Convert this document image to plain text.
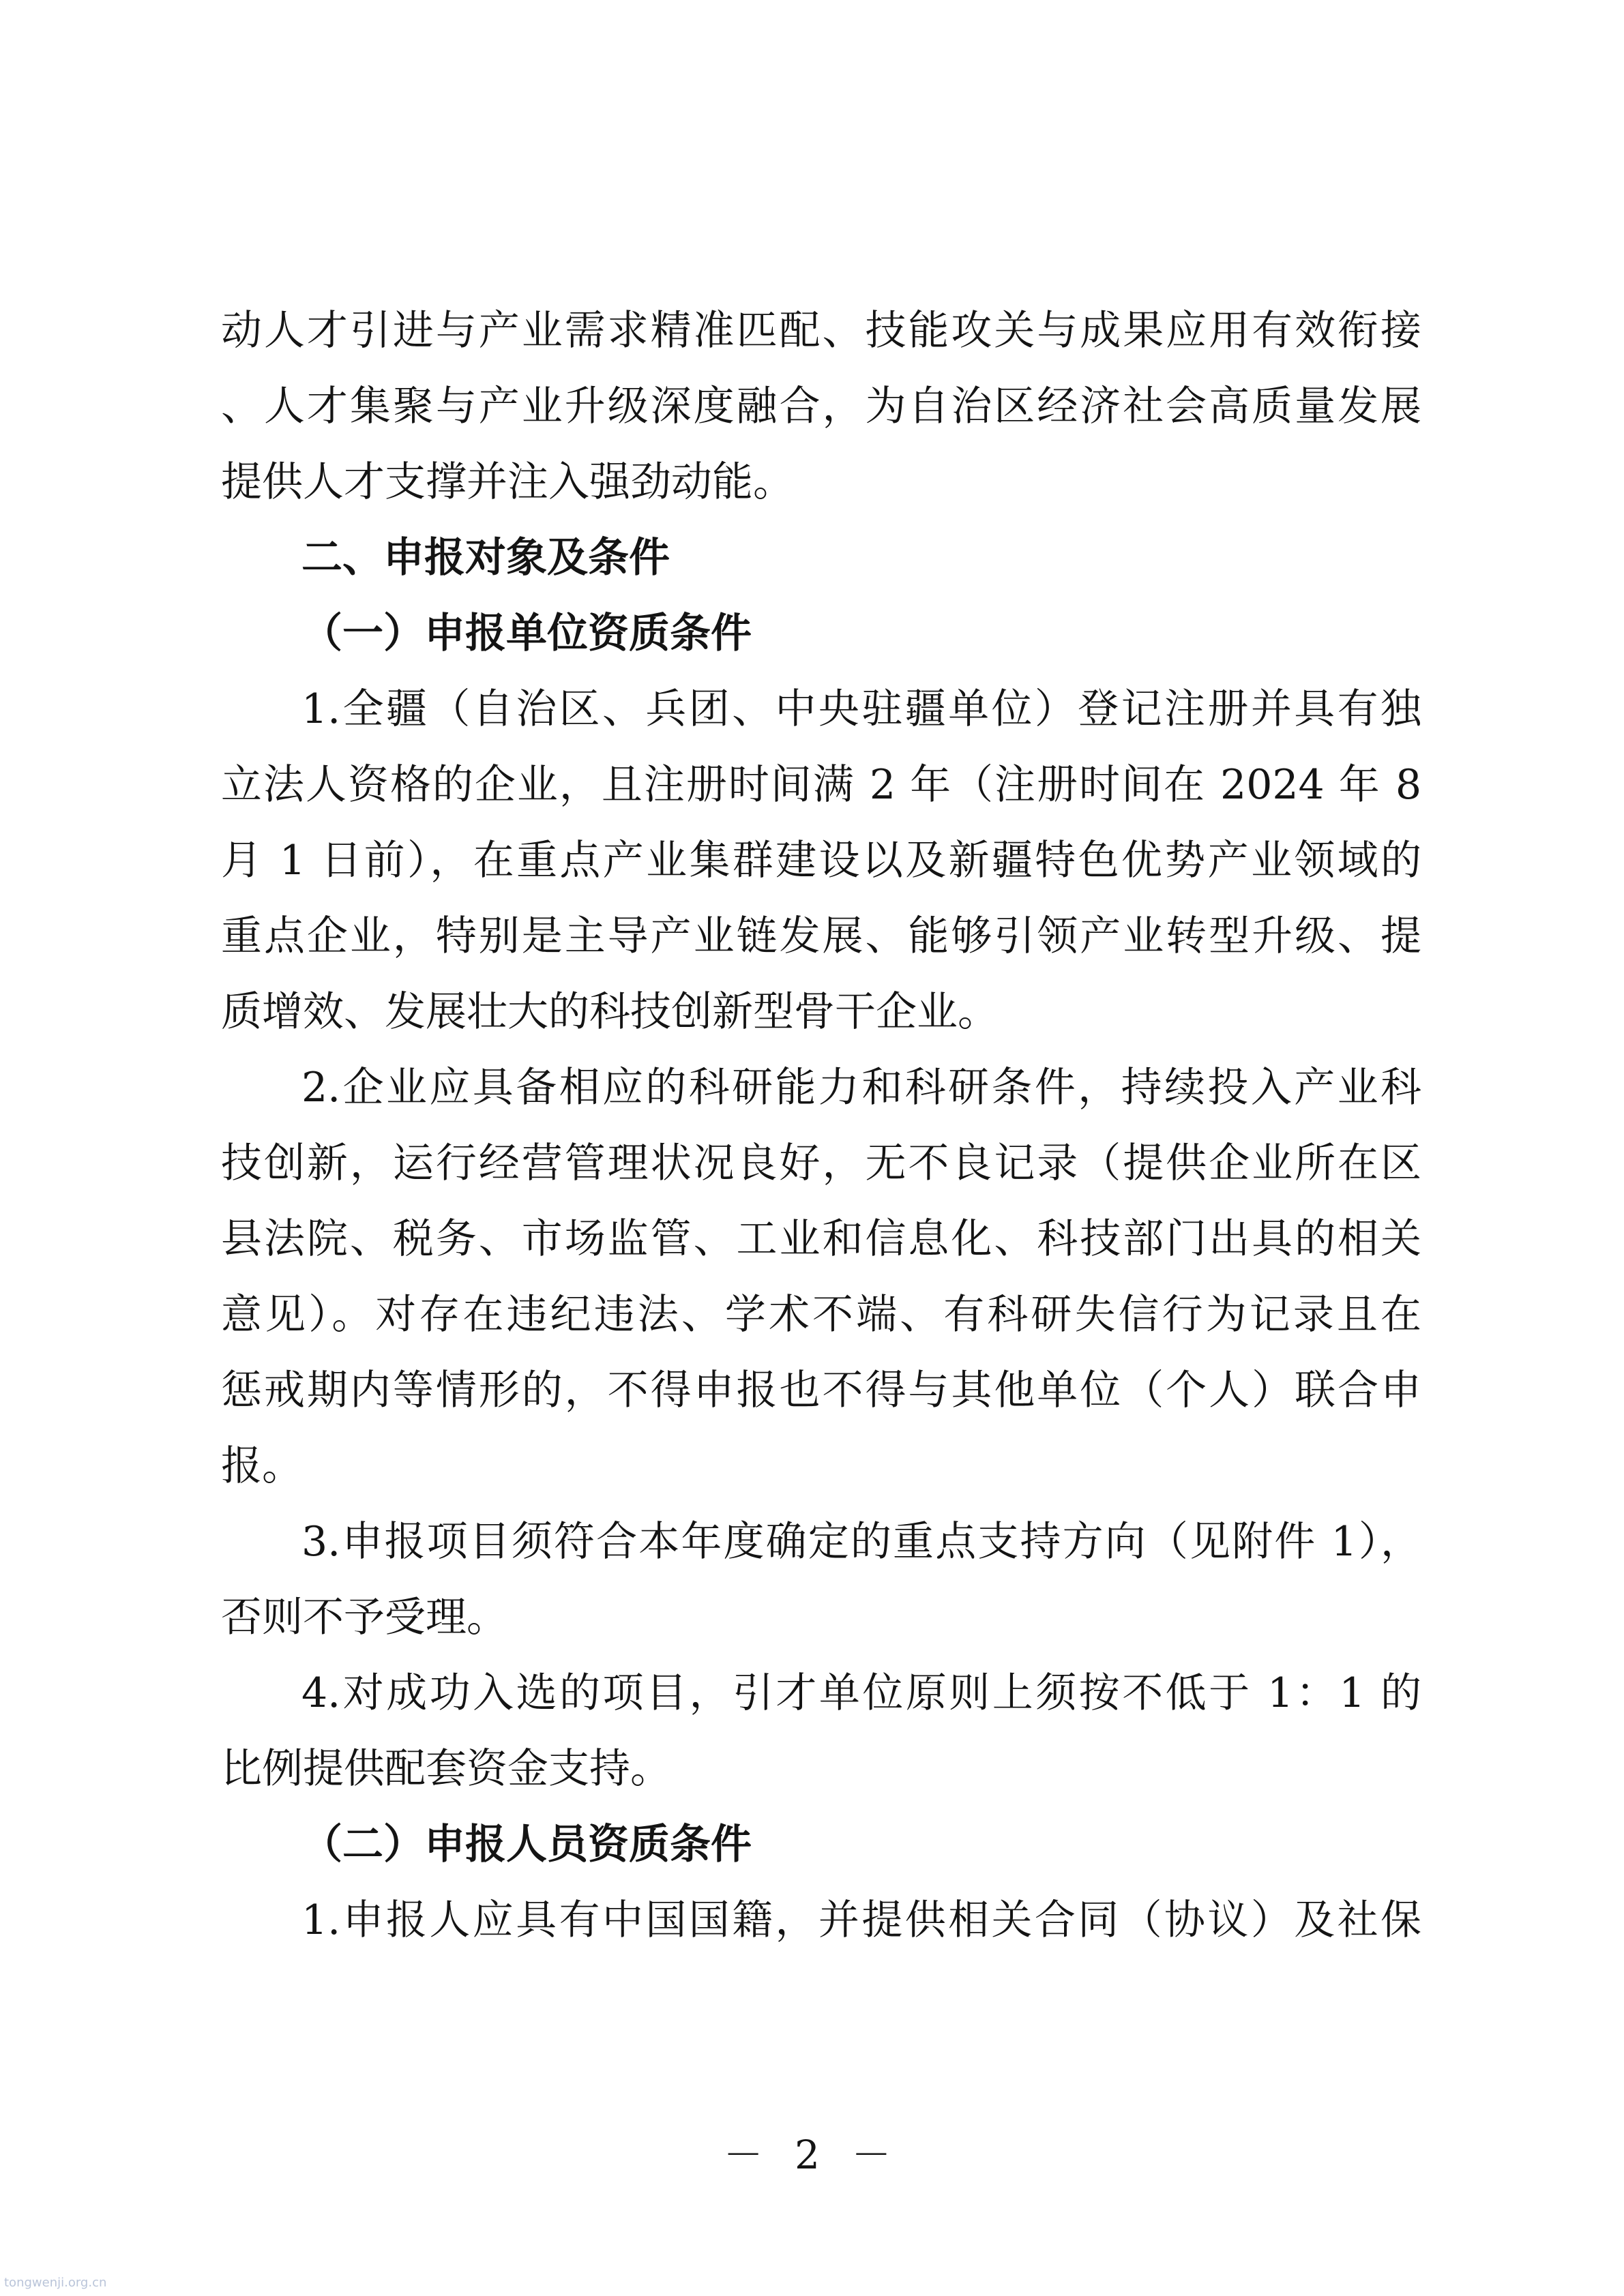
动人才引进与产业需求精准匹配、技能攻关与成果应用有效衔接
、人才集聚与产业升级深度融合，为自治区经济社会高质量发展
提供人才支撑并注入强劲动能。
二、申报对象及条件
（一）申报单位资质条件
1.全疆（自治区、兵团、中央驻疆单位）登记注册并具有独
立法人资格的企业，且注册时间满 2 年（注册时间在 2024 年 8
月 1 日前），在重点产业集群建设以及新疆特色优势产业领域的
重点企业，特别是主导产业链发展、能够引领产业转型升级、提
质增效、发展壮大的科技创新型骨干企业。
2.企业应具备相应的科研能力和科研条件，持续投入产业科
技创新，运行经营管理状况良好，无不良记录（提供企业所在区
县法院、税务、市场监管、工业和信息化、科技部门出具的相关
意见）。对存在违纪违法、学术不端、有科研失信行为记录且在
惩戒期内等情形的，不得申报也不得与其他单位（个人）联合申
报。
3.申报项目须符合本年度确定的重点支持方向（见附件 1），
否则不予受理。
4.对成功入选的项目，引才单位原则上须按不低于 1：1 的
比例提供配套资金支持。
（二）申报人员资质条件
1.申报人应具有中国国籍，并提供相关合同（协议）及社保
－ 2 －
tongwenji.org.cn
